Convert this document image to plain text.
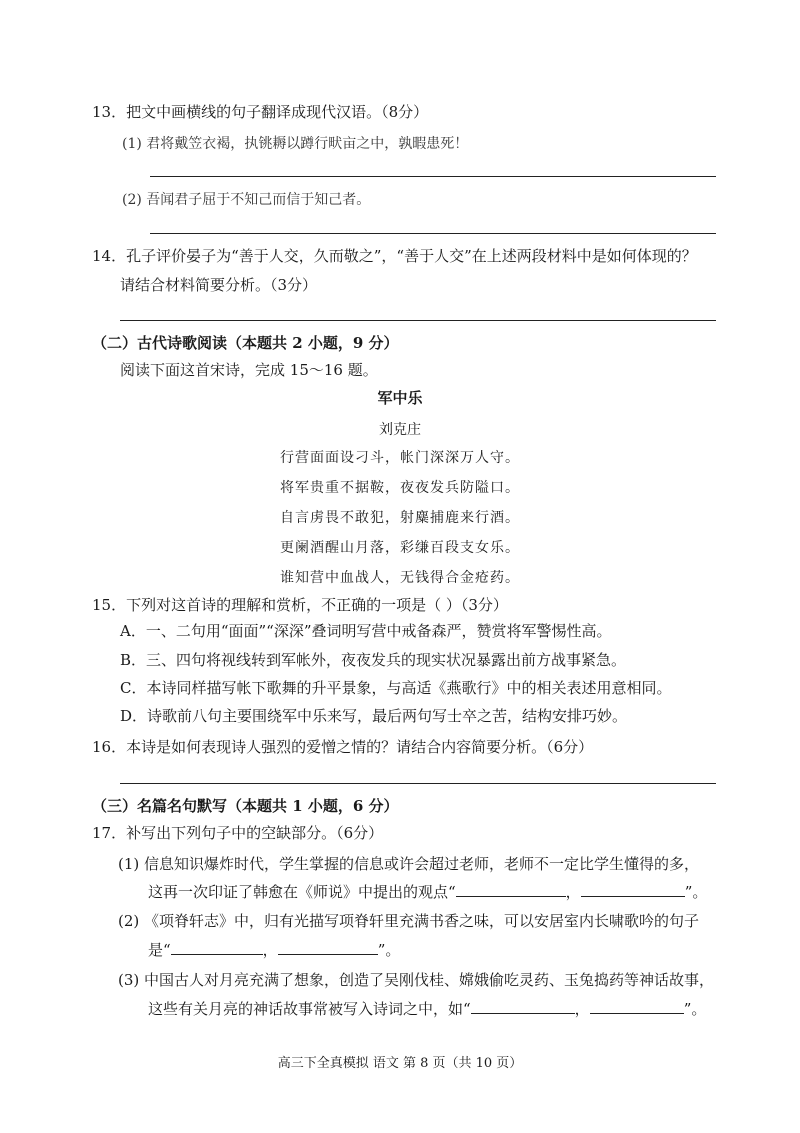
13．把文中画横线的句子翻译成现代汉语。（8分）
(1) 君将戴笠衣褐，执铫耨以蹲行畎亩之中，孰暇患死！
(2) 吾闻君子屈于不知己而信于知己者。
14．孔子评价晏子为“善于人交，久而敬之”，“善于人交”在上述两段材料中是如何体现的？
请结合材料简要分析。（3分）
（二）古代诗歌阅读（本题共 2 小题，9 分）
阅读下面这首宋诗，完成 15～16 题。
军中乐
刘克庄
行营面面设刁斗，帐门深深万人守。
将军贵重不据鞍，夜夜发兵防隘口。
自言虏畏不敢犯，射麋捕鹿来行酒。
更阑酒醒山月落，彩缣百段支女乐。
谁知营中血战人，无钱得合金疮药。
15．下列对这首诗的理解和赏析，不正确的一项是（ ）（3分）
A．一、二句用“面面”“深深”叠词明写营中戒备森严，赞赏将军警惕性高。
B．三、四句将视线转到军帐外，夜夜发兵的现实状况暴露出前方战事紧急。
C．本诗同样描写帐下歌舞的升平景象，与高适《燕歌行》中的相关表述用意相同。
D．诗歌前八句主要围绕军中乐来写，最后两句写士卒之苦，结构安排巧妙。
16．本诗是如何表现诗人强烈的爱憎之情的？请结合内容简要分析。（6分）
（三）名篇名句默写（本题共 1 小题，6 分）
17．补写出下列句子中的空缺部分。（6分）
(1) 信息知识爆炸时代，学生掌握的信息或许会超过老师，老师不一定比学生懂得的多，
这再一次印证了韩愈在《师说》中提出的观点“	，	”。
(2) 《项脊轩志》中，归有光描写项脊轩里充满书香之味，可以安居室内长啸歌吟的句子
是“	，	”。
(3) 中国古人对月亮充满了想象，创造了吴刚伐桂、嫦娥偷吃灵药、玉兔捣药等神话故事，
这些有关月亮的神话故事常被写入诗词之中，如“	，	”。
高三下全真模拟 语文 第 8 页（共 10 页）
